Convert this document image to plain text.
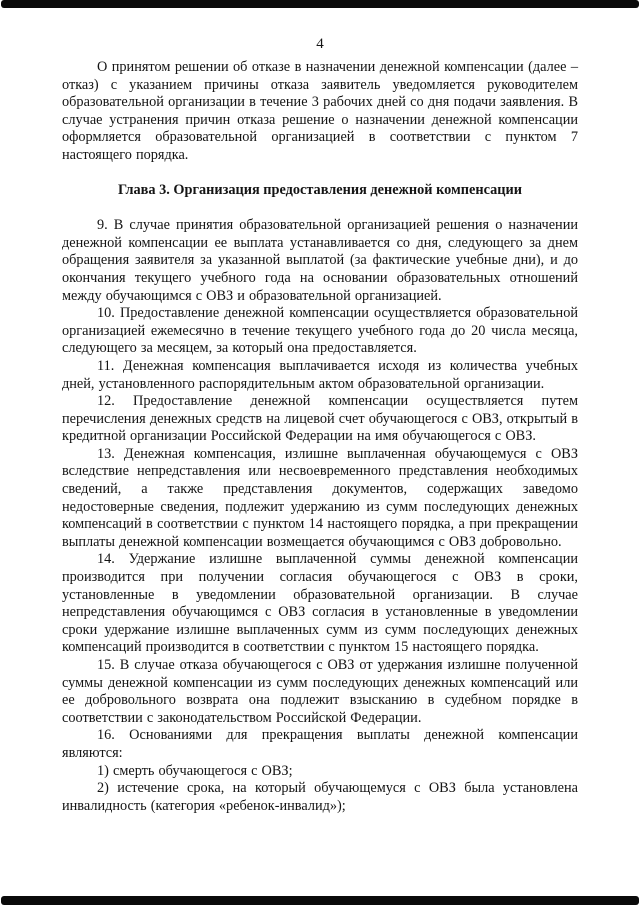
4

О принятом решении об отказе в назначении денежной компенсации (далее – отказ) с указанием причины отказа заявитель уведомляется руководителем образовательной организации в течение 3 рабочих дней со дня подачи заявления. В случае устранения причин отказа решение о назначении денежной компенсации оформляется образовательной организацией в соответствии с пунктом 7 настоящего порядка.

Глава 3. Организация предоставления денежной компенсации

9. В случае принятия образовательной организацией решения о назначении денежной компенсации ее выплата устанавливается со дня, следующего за днем обращения заявителя за указанной выплатой (за фактические учебные дни), и до окончания текущего учебного года на основании образовательных отношений между обучающимся с ОВЗ и образовательной организацией.

10. Предоставление денежной компенсации осуществляется образовательной организацией ежемесячно в течение текущего учебного года до 20 числа месяца, следующего за месяцем, за который она предоставляется.

11. Денежная компенсация выплачивается исходя из количества учебных дней, установленного распорядительным актом образовательной организации.

12. Предоставление денежной компенсации осуществляется путем перечисления денежных средств на лицевой счет обучающегося с ОВЗ, открытый в кредитной организации Российской Федерации на имя обучающегося с ОВЗ.

13. Денежная компенсация, излишне выплаченная обучающемуся с ОВЗ вследствие непредставления или несвоевременного представления необходимых сведений, а также представления документов, содержащих заведомо недостоверные сведения, подлежит удержанию из сумм последующих денежных компенсаций в соответствии с пунктом 14 настоящего порядка, а при прекращении выплаты денежной компенсации возмещается обучающимся с ОВЗ добровольно.

14. Удержание излишне выплаченной суммы денежной компенсации производится при получении согласия обучающегося с ОВЗ в сроки, установленные в уведомлении образовательной организации. В случае непредставления обучающимся с ОВЗ согласия в установленные в уведомлении сроки удержание излишне выплаченных сумм из сумм последующих денежных компенсаций производится в соответствии с пунктом 15 настоящего порядка.

15. В случае отказа обучающегося с ОВЗ от удержания излишне полученной суммы денежной компенсации из сумм последующих денежных компенсаций или ее добровольного возврата она подлежит взысканию в судебном порядке в соответствии с законодательством Российской Федерации.

16. Основаниями для прекращения выплаты денежной компенсации являются:

1) смерть обучающегося с ОВЗ;

2) истечение срока, на который обучающемуся с ОВЗ была установлена инвалидность (категория «ребенок-инвалид»);
